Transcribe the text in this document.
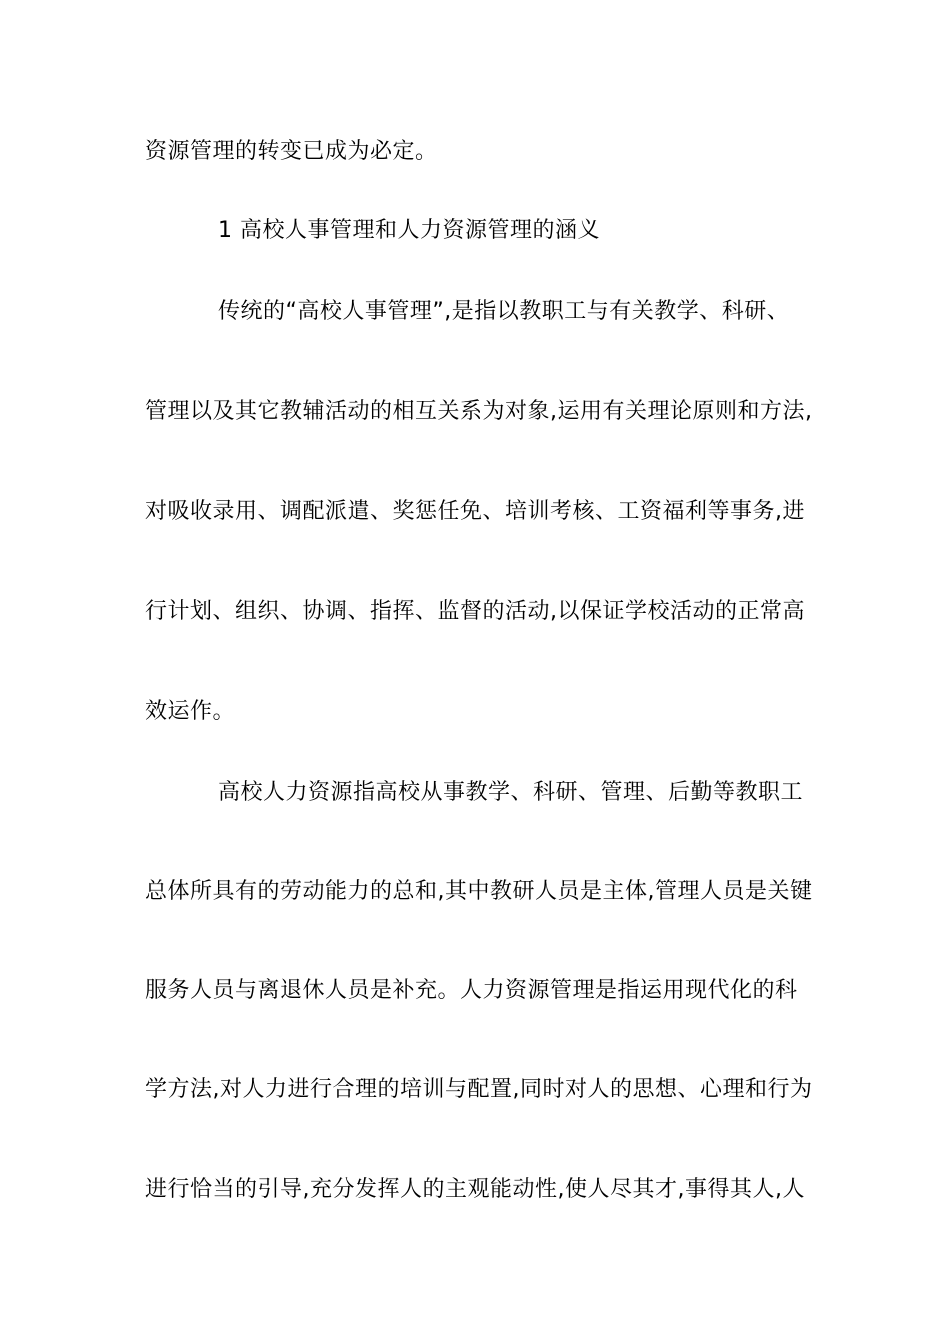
资源管理的转变已成为必定。
1 高校人事管理和人力资源管理的涵义
传统的“高校人事管理”,是指以教职工与有关教学、科研、
管理以及其它教辅活动的相互关系为对象,运用有关理论原则和方法,
对吸收录用、调配派遣、奖惩任免、培训考核、工资福利等事务,进
行计划、组织、协调、指挥、监督的活动,以保证学校活动的正常高
效运作。
高校人力资源指高校从事教学、科研、管理、后勤等教职工
总体所具有的劳动能力的总和,其中教研人员是主体,管理人员是关键
服务人员与离退休人员是补充。人力资源管理是指运用现代化的科
学方法,对人力进行合理的培训与配置,同时对人的思想、心理和行为
进行恰当的引导,充分发挥人的主观能动性,使人尽其才,事得其人,人
